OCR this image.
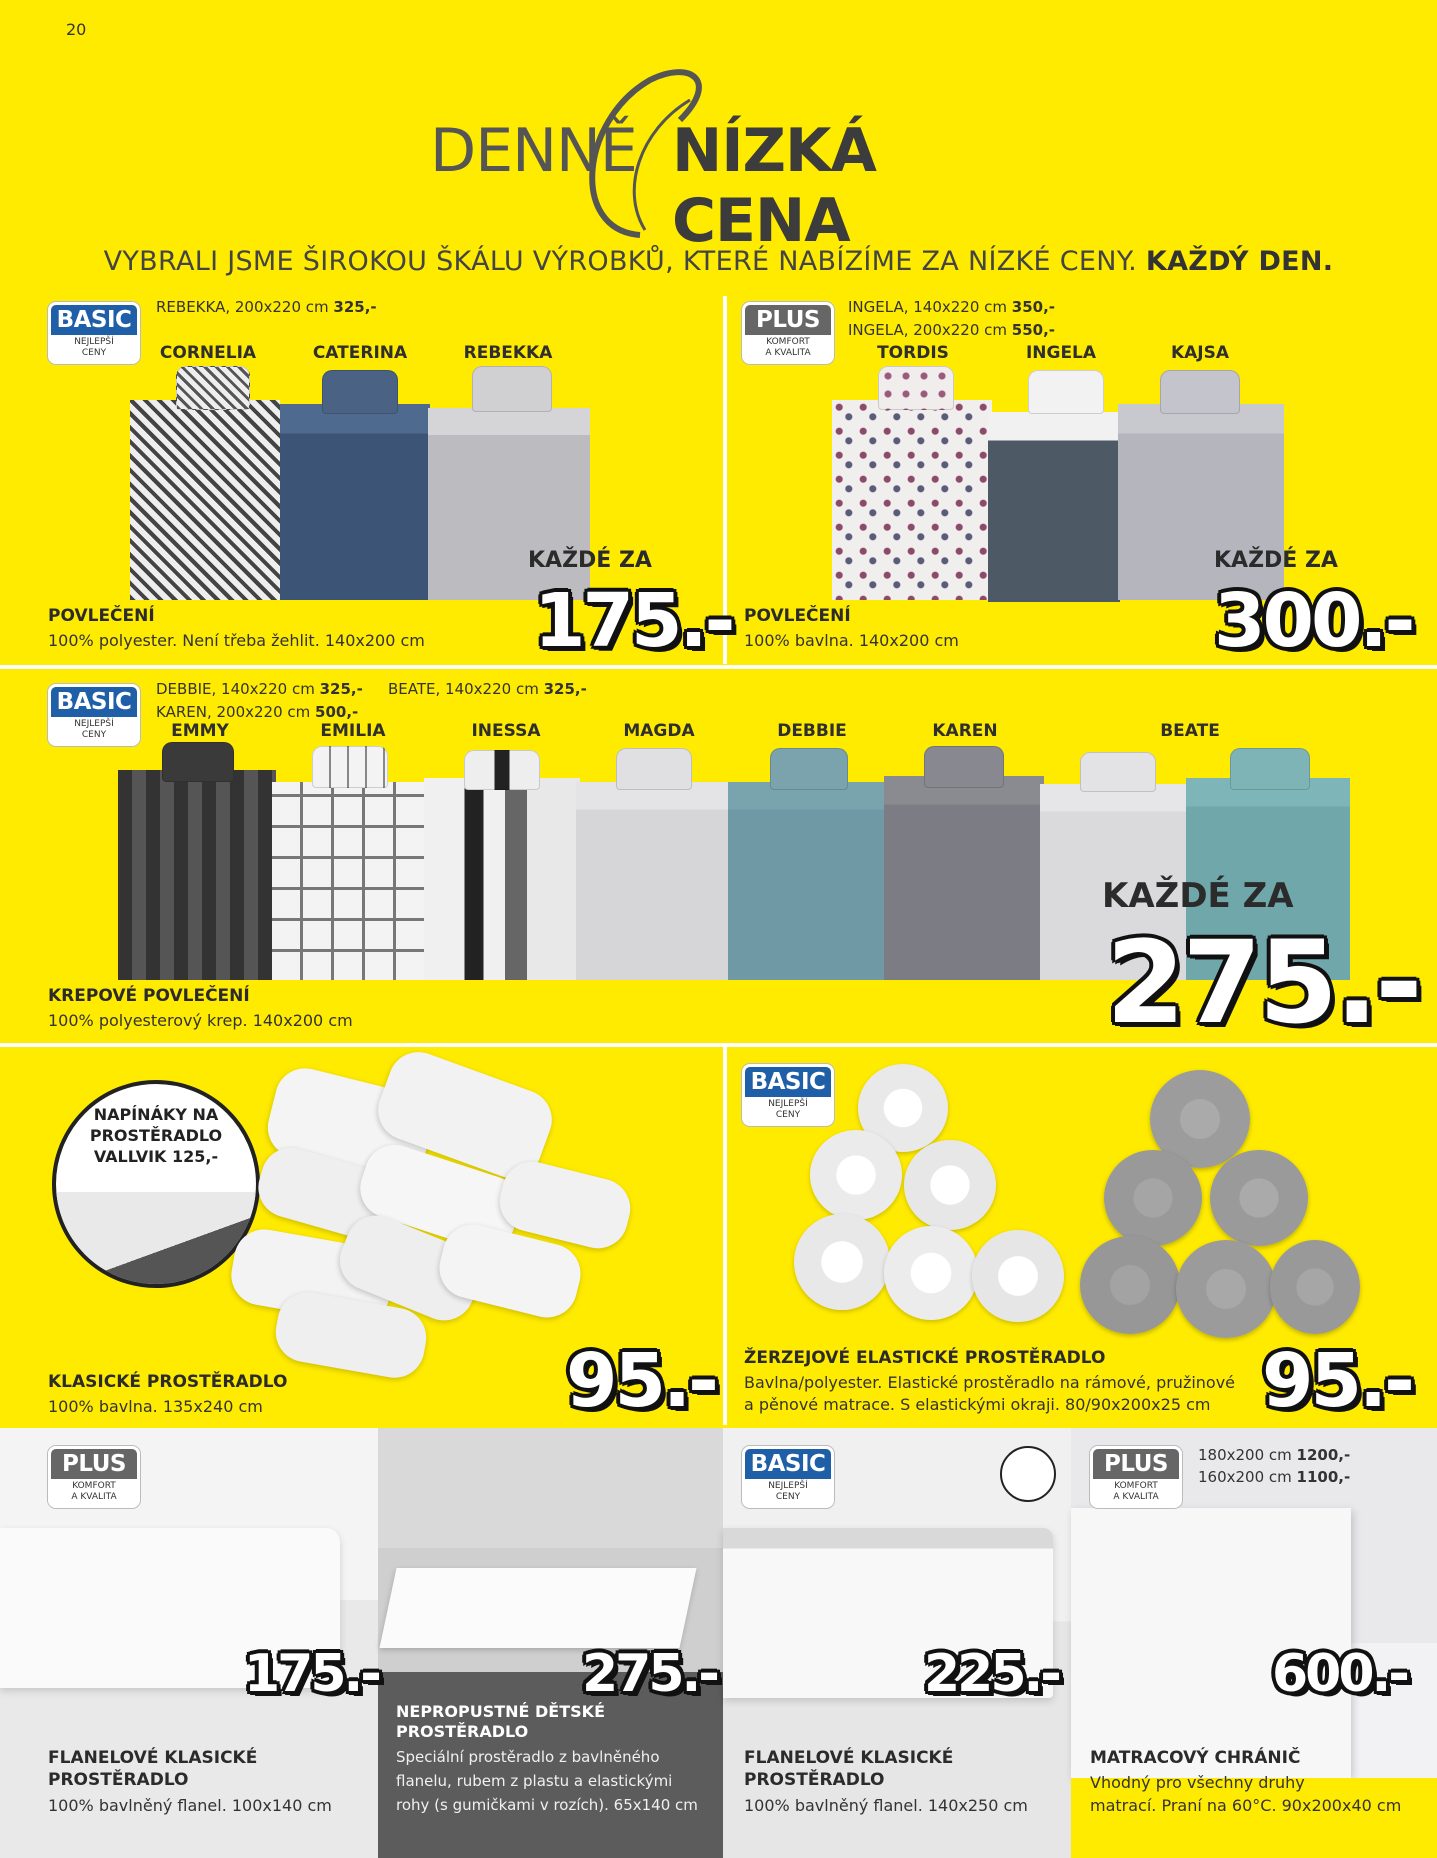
20
DENNĚ NÍZKÁ CENA
VYBRALI JSME ŠIROKOU ŠKÁLU VÝROBKŮ, KTERÉ NABÍZÍME ZA NÍZKÉ CENY. KAŽDÝ DEN.
BASIC
NEJLEPŠÍ
CENY
REBEKKA, 200x220 cm 325,-
CORNELIA	CATERINA	REBEKKA
KAŽDÉ ZA
175.-
POVLEČENÍ
100% polyester. Není třeba žehlit. 140x200 cm
PLUS
KOMFORT
A KVALITA
INGELA, 140x220 cm 350,-
INGELA, 200x220 cm 550,-
TORDIS	INGELA	KAJSA
KAŽDÉ ZA
300.-
POVLEČENÍ
100% bavlna. 140x200 cm
BASIC
NEJLEPŠÍ
CENY
DEBBIE, 140x220 cm 325,-
KAREN, 200x220 cm 500,-
BEATE, 140x220 cm 325,-
EMMY	EMILIA	INESSA	MAGDA	DEBBIE	KAREN	BEATE
KAŽDÉ ZA
275.-
KREPOVÉ POVLEČENÍ
100% polyesterový krep. 140x200 cm
NAPÍNÁKY NA
PROSTĚRADLO
VALLVIK 125,-
95.-
KLASICKÉ PROSTĚRADLO
100% bavlna. 135x240 cm
BASIC
NEJLEPŠÍ
CENY
ŽERZEJOVÉ ELASTICKÉ PROSTĚRADLO
Bavlna/polyester. Elastické prostěradlo na rámové, pružinové
a pěnové matrace. S elastickými okraji. 80/90x200x25 cm 95.-
PLUS
KOMFORT
A KVALITA
175.-
FLANELOVÉ KLASICKÉ
PROSTĚRADLO
100% bavlněný flanel. 100x140 cm
275.-
NEPROPUSTNÉ DĚTSKÉ
PROSTĚRADLO
Speciální prostěradlo z bavlněného
flanelu, rubem z plastu a elastickými
rohy (s gumičkami v rozích). 65x140 cm
BASIC
NEJLEPŠÍ
CENY
225.-
FLANELOVÉ KLASICKÉ
PROSTĚRADLO
100% bavlněný flanel. 140x250 cm
PLUS
KOMFORT
A KVALITA
180x200 cm 1200,-
160x200 cm 1100,-
600.-
MATRACOVÝ CHRÁNIČ
Vhodný pro všechny druhy
matrací. Praní na 60°C. 90x200x40 cm
